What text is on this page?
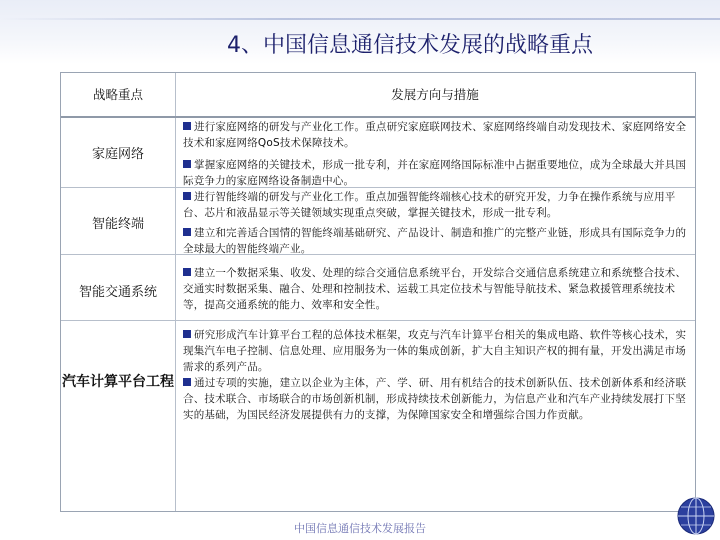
4、中国信息通信技术发展的战略重点
战略重点	发展方向与措施
家庭网络
进行家庭网络的研发与产业化工作。重点研究家庭联网技术、家庭网络终端自动发现技术、家庭网络安全技术和家庭网络QoS技术保障技术。
掌握家庭网络的关键技术，形成一批专利，并在家庭网络国际标准中占据重要地位，成为全球最大并具国际竞争力的家庭网络设备制造中心。
智能终端
进行智能终端的研发与产业化工作。重点加强智能终端核心技术的研究开发，力争在操作系统与应用平台、芯片和液晶显示等关键领域实现重点突破，掌握关键技术，形成一批专利。
建立和完善适合国情的智能终端基础研究、产品设计、制造和推广的完整产业链，形成具有国际竞争力的全球最大的智能终端产业。
智能交通系统
建立一个数据采集、收发、处理的综合交通信息系统平台，开发综合交通信息系统建立和系统整合技术、交通实时数据采集、融合、处理和控制技术、运载工具定位技术与智能导航技术、紧急救援管理系统技术等，提高交通系统的能力、效率和安全性。
汽车计算平台工程
研究形成汽车计算平台工程的总体技术框架，攻克与汽车计算平台相关的集成电路、软件等核心技术，实现集汽车电子控制、信息处理、应用服务为一体的集成创新，扩大自主知识产权的拥有量，开发出满足市场需求的系列产品。
通过专项的实施，建立以企业为主体，产、学、研、用有机结合的技术创新队伍、技术创新体系和经济联合、技术联合、市场联合的市场创新机制，形成持续技术创新能力，为信息产业和汽车产业持续发展打下坚实的基础，为国民经济发展提供有力的支撑，为保障国家安全和增强综合国力作贡献。
中国信息通信技术发展报告
